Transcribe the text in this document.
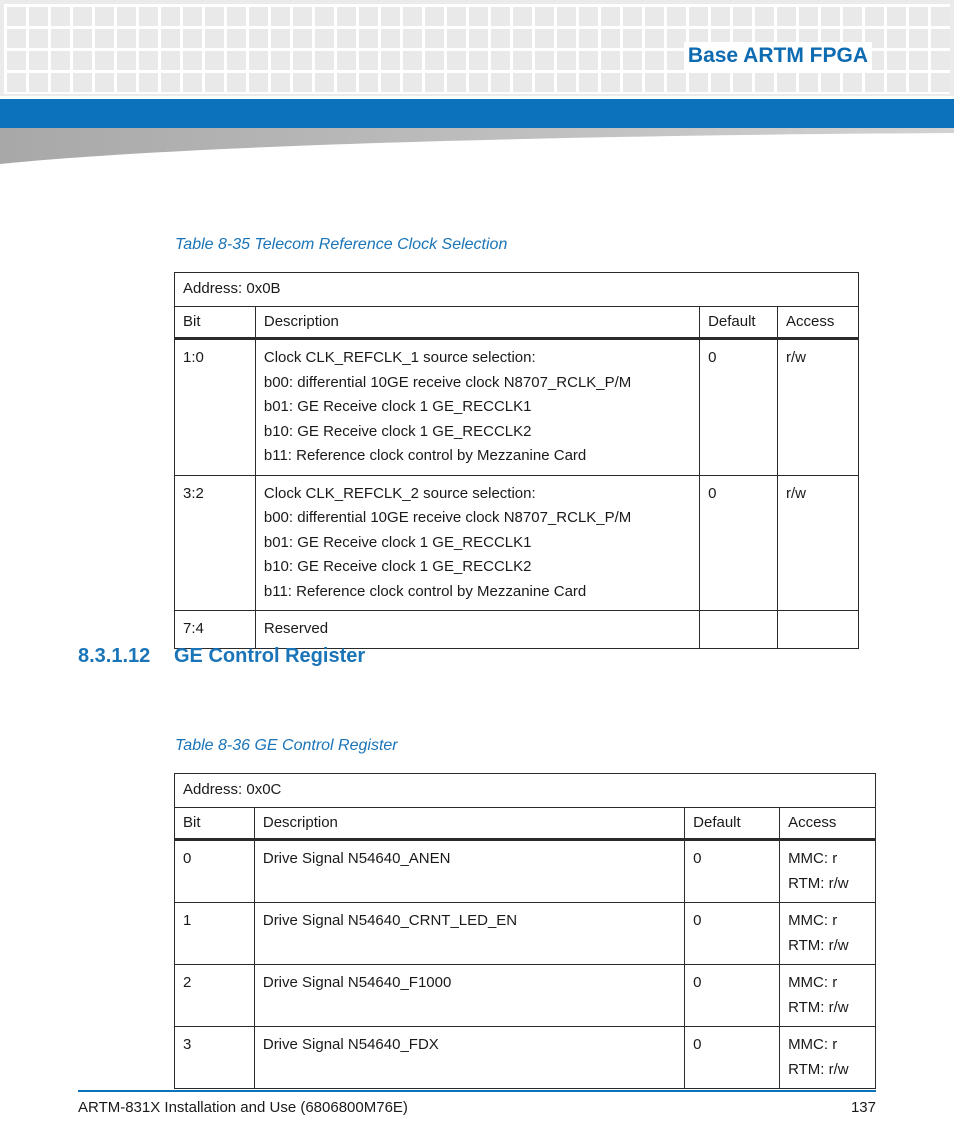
Base ARTM FPGA
Table 8-35 Telecom Reference Clock Selection
Address: 0x0B			
Bit	Description	Default	Access
1:0	Clock CLK_REFCLK_1 source selection:
b00: differential 10GE receive clock N8707_RCLK_P/M
b01: GE Receive clock 1 GE_RECCLK1
b10: GE Receive clock 1 GE_RECCLK2
b11: Reference clock control by Mezzanine Card	0	r/w
3:2	Clock CLK_REFCLK_2 source selection:
b00: differential 10GE receive clock N8707_RCLK_P/M
b01: GE Receive clock 1 GE_RECCLK1
b10: GE Receive clock 1 GE_RECCLK2
b11: Reference clock control by Mezzanine Card	0	r/w
7:4	Reserved		

8.3.1.12 GE Control Register
Table 8-36 GE Control Register
Address: 0x0C			
Bit	Description	Default	Access
0	Drive Signal N54640_ANEN	0	MMC: r
RTM: r/w

1	Drive Signal N54640_CRNT_LED_EN	0	MMC: r
RTM: r/w

2	Drive Signal N54640_F1000	0	MMC: r
RTM: r/w

3	Drive Signal N54640_FDX	0	MMC: r
RTM: r/w
ARTM-831X Installation and Use (6806800M76E)	137
